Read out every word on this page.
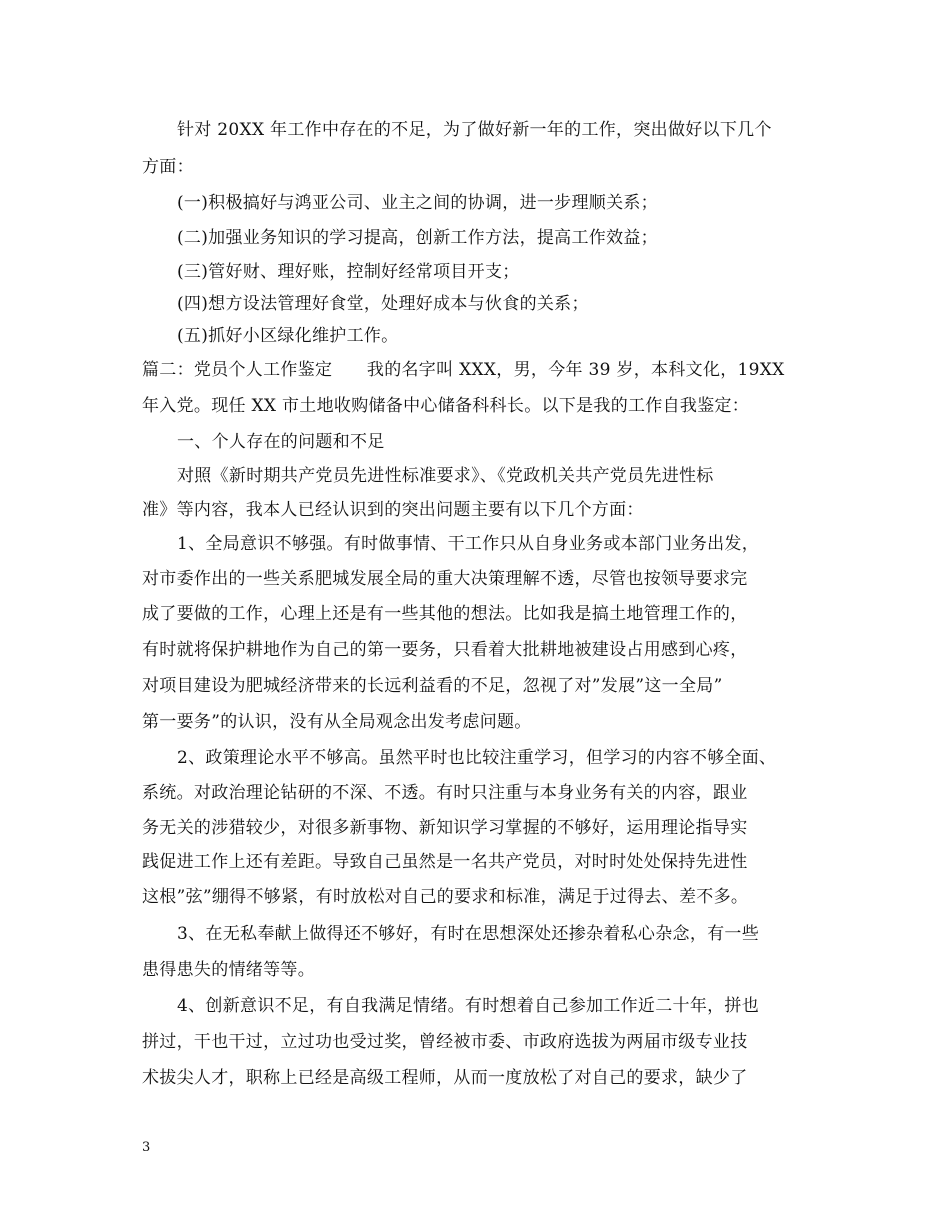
针对 20XX 年工作中存在的不足，为了做好新一年的工作，突出做好以下几个
方面：
(一)积极搞好与鸿亚公司、业主之间的协调，进一步理顺关系；
(二)加强业务知识的学习提高，创新工作方法，提高工作效益；
(三)管好财、理好账，控制好经常项目开支；
(四)想方设法管理好食堂，处理好成本与伙食的关系；
(五)抓好小区绿化维护工作。
篇二：党员个人工作鉴定　　我的名字叫 XXX，男，今年 39 岁，本科文化，19XX
年入党。现任 XX 市土地收购储备中心储备科科长。以下是我的工作自我鉴定：
一、个人存在的问题和不足
对照《新时期共产党员先进性标准要求》、《党政机关共产党员先进性标
准》等内容，我本人已经认识到的突出问题主要有以下几个方面：
1、全局意识不够强。有时做事情、干工作只从自身业务或本部门业务出发，
对市委作出的一些关系肥城发展全局的重大决策理解不透，尽管也按领导要求完
成了要做的工作，心理上还是有一些其他的想法。比如我是搞土地管理工作的，
有时就将保护耕地作为自己的第一要务，只看着大批耕地被建设占用感到心疼，
对项目建设为肥城经济带来的长远利益看的不足，忽视了对”发展”这一全局”
第一要务”的认识，没有从全局观念出发考虑问题。
2、政策理论水平不够高。虽然平时也比较注重学习，但学习的内容不够全面、
系统。对政治理论钻研的不深、不透。有时只注重与本身业务有关的内容，跟业
务无关的涉猎较少，对很多新事物、新知识学习掌握的不够好，运用理论指导实
践促进工作上还有差距。导致自己虽然是一名共产党员，对时时处处保持先进性
这根”弦”绷得不够紧，有时放松对自己的要求和标准，满足于过得去、差不多。
3、在无私奉献上做得还不够好，有时在思想深处还掺杂着私心杂念，有一些
患得患失的情绪等等。
4、创新意识不足，有自我满足情绪。有时想着自己参加工作近二十年，拼也
拼过，干也干过，立过功也受过奖，曾经被市委、市政府选拔为两届市级专业技
术拔尖人才，职称上已经是高级工程师，从而一度放松了对自己的要求，缺少了
3
